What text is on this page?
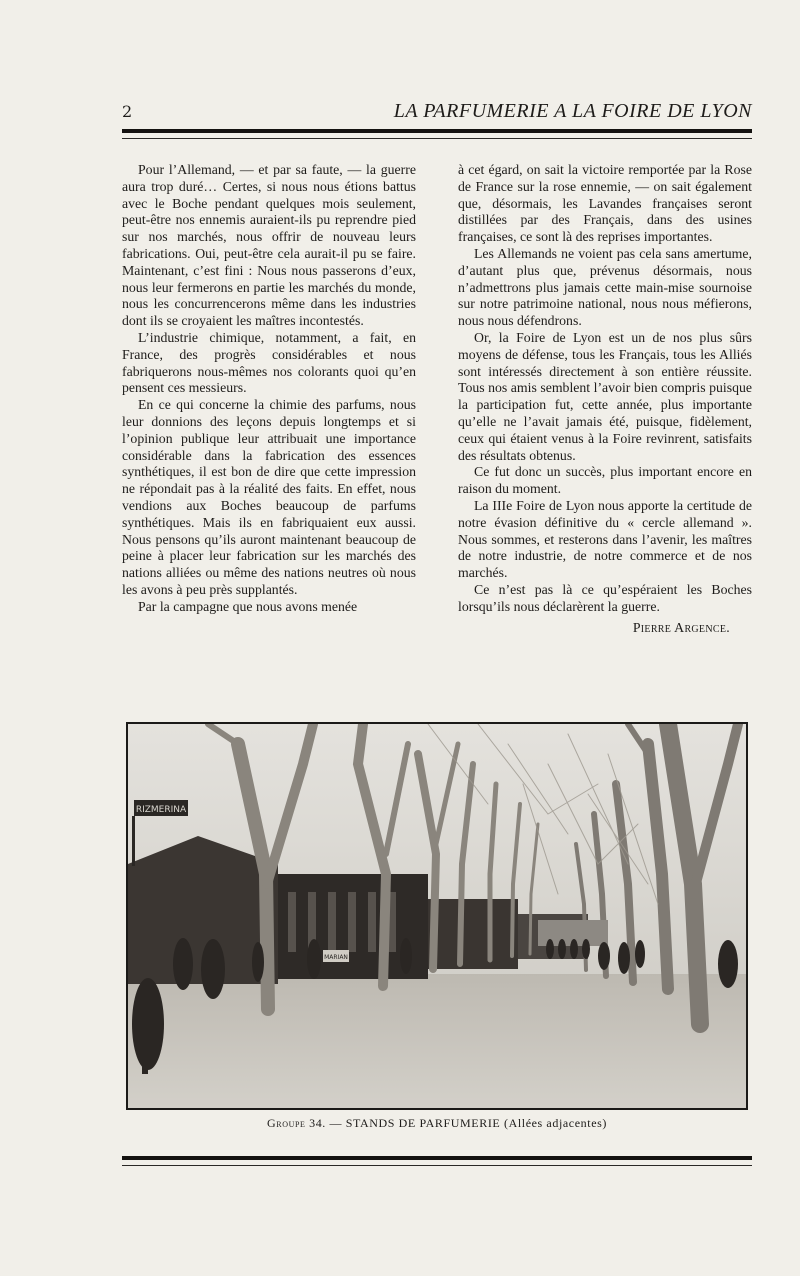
2	LA PARFUMERIE A LA FOIRE DE LYON

Pour l’Allemand, — et par sa faute, — la guerre aura trop duré… Certes, si nous nous étions battus avec le Boche pendant quelques mois seulement, peut-être nos ennemis auraient-ils pu reprendre pied sur nos marchés, nous offrir de nouveau leurs fabrications. Oui, peut-être cela aurait-il pu se faire. Maintenant, c’est fini : Nous nous passerons d’eux, nous leur fermerons en partie les marchés du monde, nous les concurrencerons même dans les industries dont ils se croyaient les maîtres incontestés.

L’industrie chimique, notamment, a fait, en France, des progrès considérables et nous fabriquerons nous-mêmes nos colorants quoi qu’en pensent ces messieurs.

En ce qui concerne la chimie des parfums, nous leur donnions des leçons depuis longtemps et si l’opinion publique leur attribuait une importance considérable dans la fabrication des essences synthétiques, il est bon de dire que cette impression ne répondait pas à la réalité des faits. En effet, nous vendions aux Boches beaucoup de parfums synthétiques. Mais ils en fabriquaient eux aussi. Nous pensons qu’ils auront maintenant beaucoup de peine à placer leur fabrication sur les marchés des nations alliées ou même des nations neutres où nous les avons à peu près supplantés.

Par la campagne que nous avons menée

à cet égard, on sait la victoire remportée par la Rose de France sur la rose ennemie, — on sait également que, désormais, les Lavandes françaises seront distillées par des Français, dans des usines françaises, ce sont là des reprises importantes.

Les Allemands ne voient pas cela sans amertume, d’autant plus que, prévenus désormais, nous n’admettrons plus jamais cette main-mise sournoise sur notre patrimoine national, nous nous méfierons, nous nous défendrons.

Or, la Foire de Lyon est un de nos plus sûrs moyens de défense, tous les Français, tous les Alliés sont intéressés directement à son entière réussite. Tous nos amis semblent l’avoir bien compris puisque la participation fut, cette année, plus importante qu’elle ne l’avait jamais été, puisque, fidèlement, ceux qui étaient venus à la Foire revinrent, satisfaits des résultats obtenus.

Ce fut donc un succès, plus important encore en raison du moment.

La IIIe Foire de Lyon nous apporte la certitude de notre évasion définitive du « cercle allemand ». Nous sommes, et resterons dans l’avenir, les maîtres de notre industrie, de notre commerce et de nos marchés.

Ce n’est pas là ce qu’espéraient les Boches lorsqu’ils nous déclarèrent la guerre.

Pierre Argence.
RIZMERINA
MARIAN
Groupe 34. — STANDS DE PARFUMERIE (Allées adjacentes)
